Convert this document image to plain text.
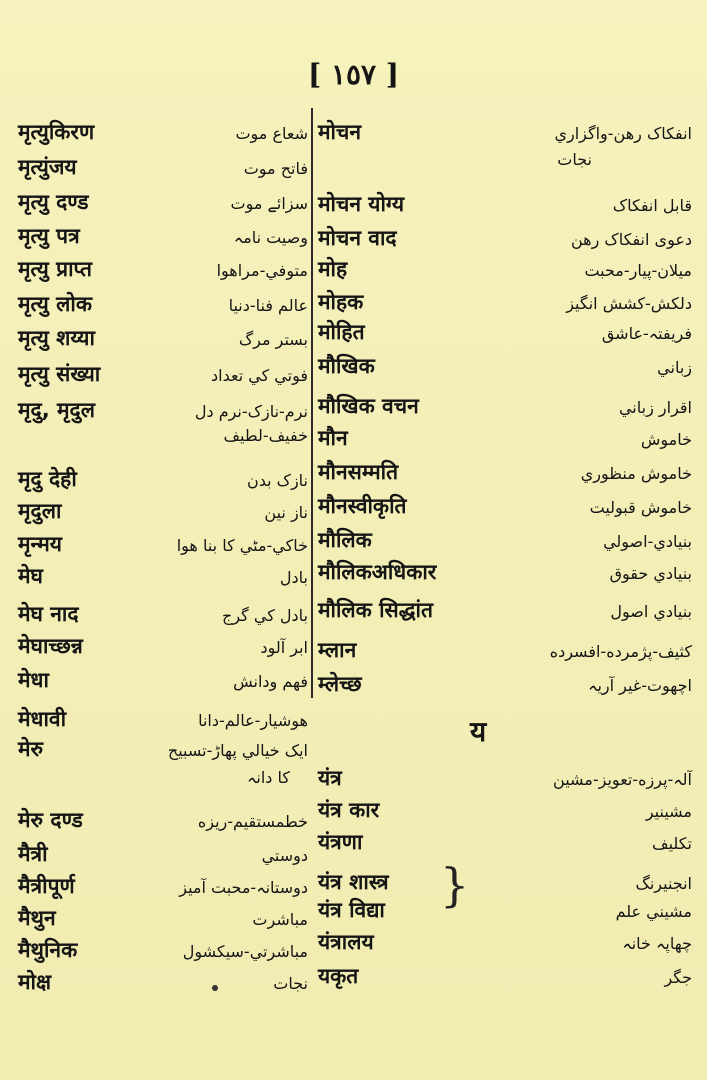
[ ١٥٧ ]
मृत्युकिरण	شعاع موت
मृत्युंजय	فاتح موت
मृत्यु दण्ड	سزائے موت
मृत्यु पत्र	وصیت نامہ
मृत्यु प्राप्त	متوفي-مراهوا
मृत्यु लोक	عالم فنا-دنيا
मृत्यु शय्या	بستر مرگ
मृत्यु संख्या	فوتي کي تعداد
मृदु, मृदुल	نرم-نازک-نرم دل
خفیف-لطیف
मृदु देही	نازک بدن
मृदुला	ناز نین
मृन्मय	خاکي-مٹي کا بنا هوا
मेघ	بادل
मेघ नाद	بادل کي گرج
मेघाच्छन्न	ابر آلود
मेधा	فهم ودانش
मेधावी	هوشيار-عالم-دانا
मेरु	ایک خیالي پهاڑ-تسبیح
کا دانہ
मेरु दण्ड	خطمستقیم-ریزه
मैत्री	دوستي
मैत्रीपूर्ण	دوستانہ-محبت آمیز
मैथुन	مباشرت
मैथुनिक	مباشرتي-سیکشول
मोक्ष	نجات
मोचन	انفکاک رهن-واگزاري
نجات
मोचन योग्य	قابل انفکاک
मोचन वाद	دعوی انفکاک رهن
मोह	میلان-پیار-محبت
मोहक	دلکش-کشش انگیز
मोहित	فریفتہ-عاشق
मौखिक	زباني
मौखिक वचन	اقرار زباني
मौन	خاموش
मौनसम्मति	خاموش منظوري
मौनस्वीकृति	خاموش قبولیت
मौलिक	بنیادي-اصولي
मौलिकअधिकार	بنیادي حقوق
मौलिक सिद्धांत	بنیادي اصول
म्लान	کثیف-پژمرده-افسرده
म्लेच्छ	اچهوت-غیر آریہ
यंत्र	آلہ-پرزه-تعویز-مشین
यंत्र कार	مشینیر
यंत्रणा	تکلیف
यंत्र शास्त्र	انجنیرنگ
यंत्र विद्या	مشیني علم
यंत्रालय	چهاپہ خانہ
यकृत	جگر
य
}
